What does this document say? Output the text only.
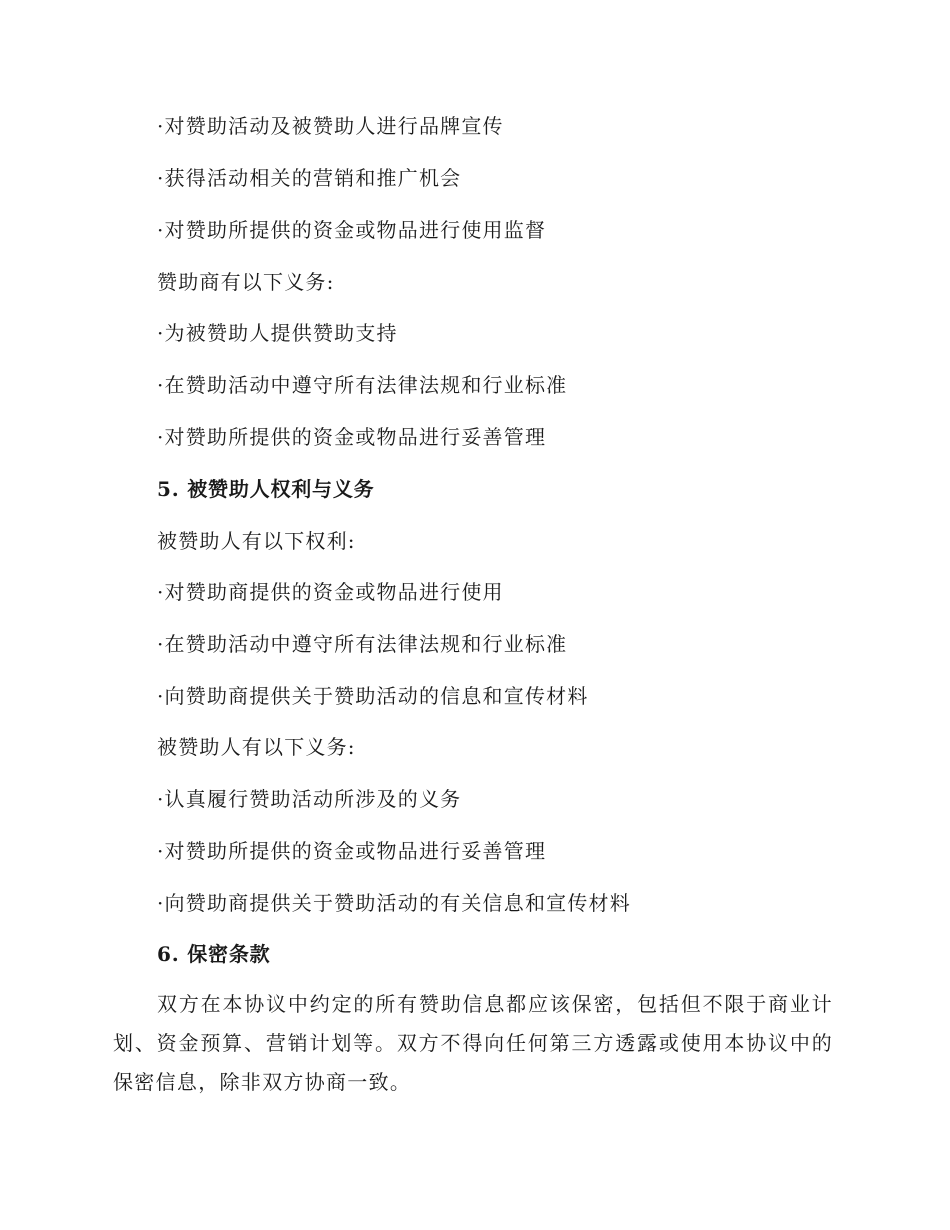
·对赞助活动及被赞助人进行品牌宣传
·获得活动相关的营销和推广机会
·对赞助所提供的资金或物品进行使用监督
赞助商有以下义务:
·为被赞助人提供赞助支持
·在赞助活动中遵守所有法律法规和行业标准
·对赞助所提供的资金或物品进行妥善管理
5. 被赞助人权利与义务
被赞助人有以下权利:
·对赞助商提供的资金或物品进行使用
·在赞助活动中遵守所有法律法规和行业标准
·向赞助商提供关于赞助活动的信息和宣传材料
被赞助人有以下义务:
·认真履行赞助活动所涉及的义务
·对赞助所提供的资金或物品进行妥善管理
·向赞助商提供关于赞助活动的有关信息和宣传材料
6. 保密条款
双方在本协议中约定的所有赞助信息都应该保密，包括但不限于商业计划、资金预算、营销计划等。双方不得向任何第三方透露或使用本协议中的保密信息，除非双方协商一致。
